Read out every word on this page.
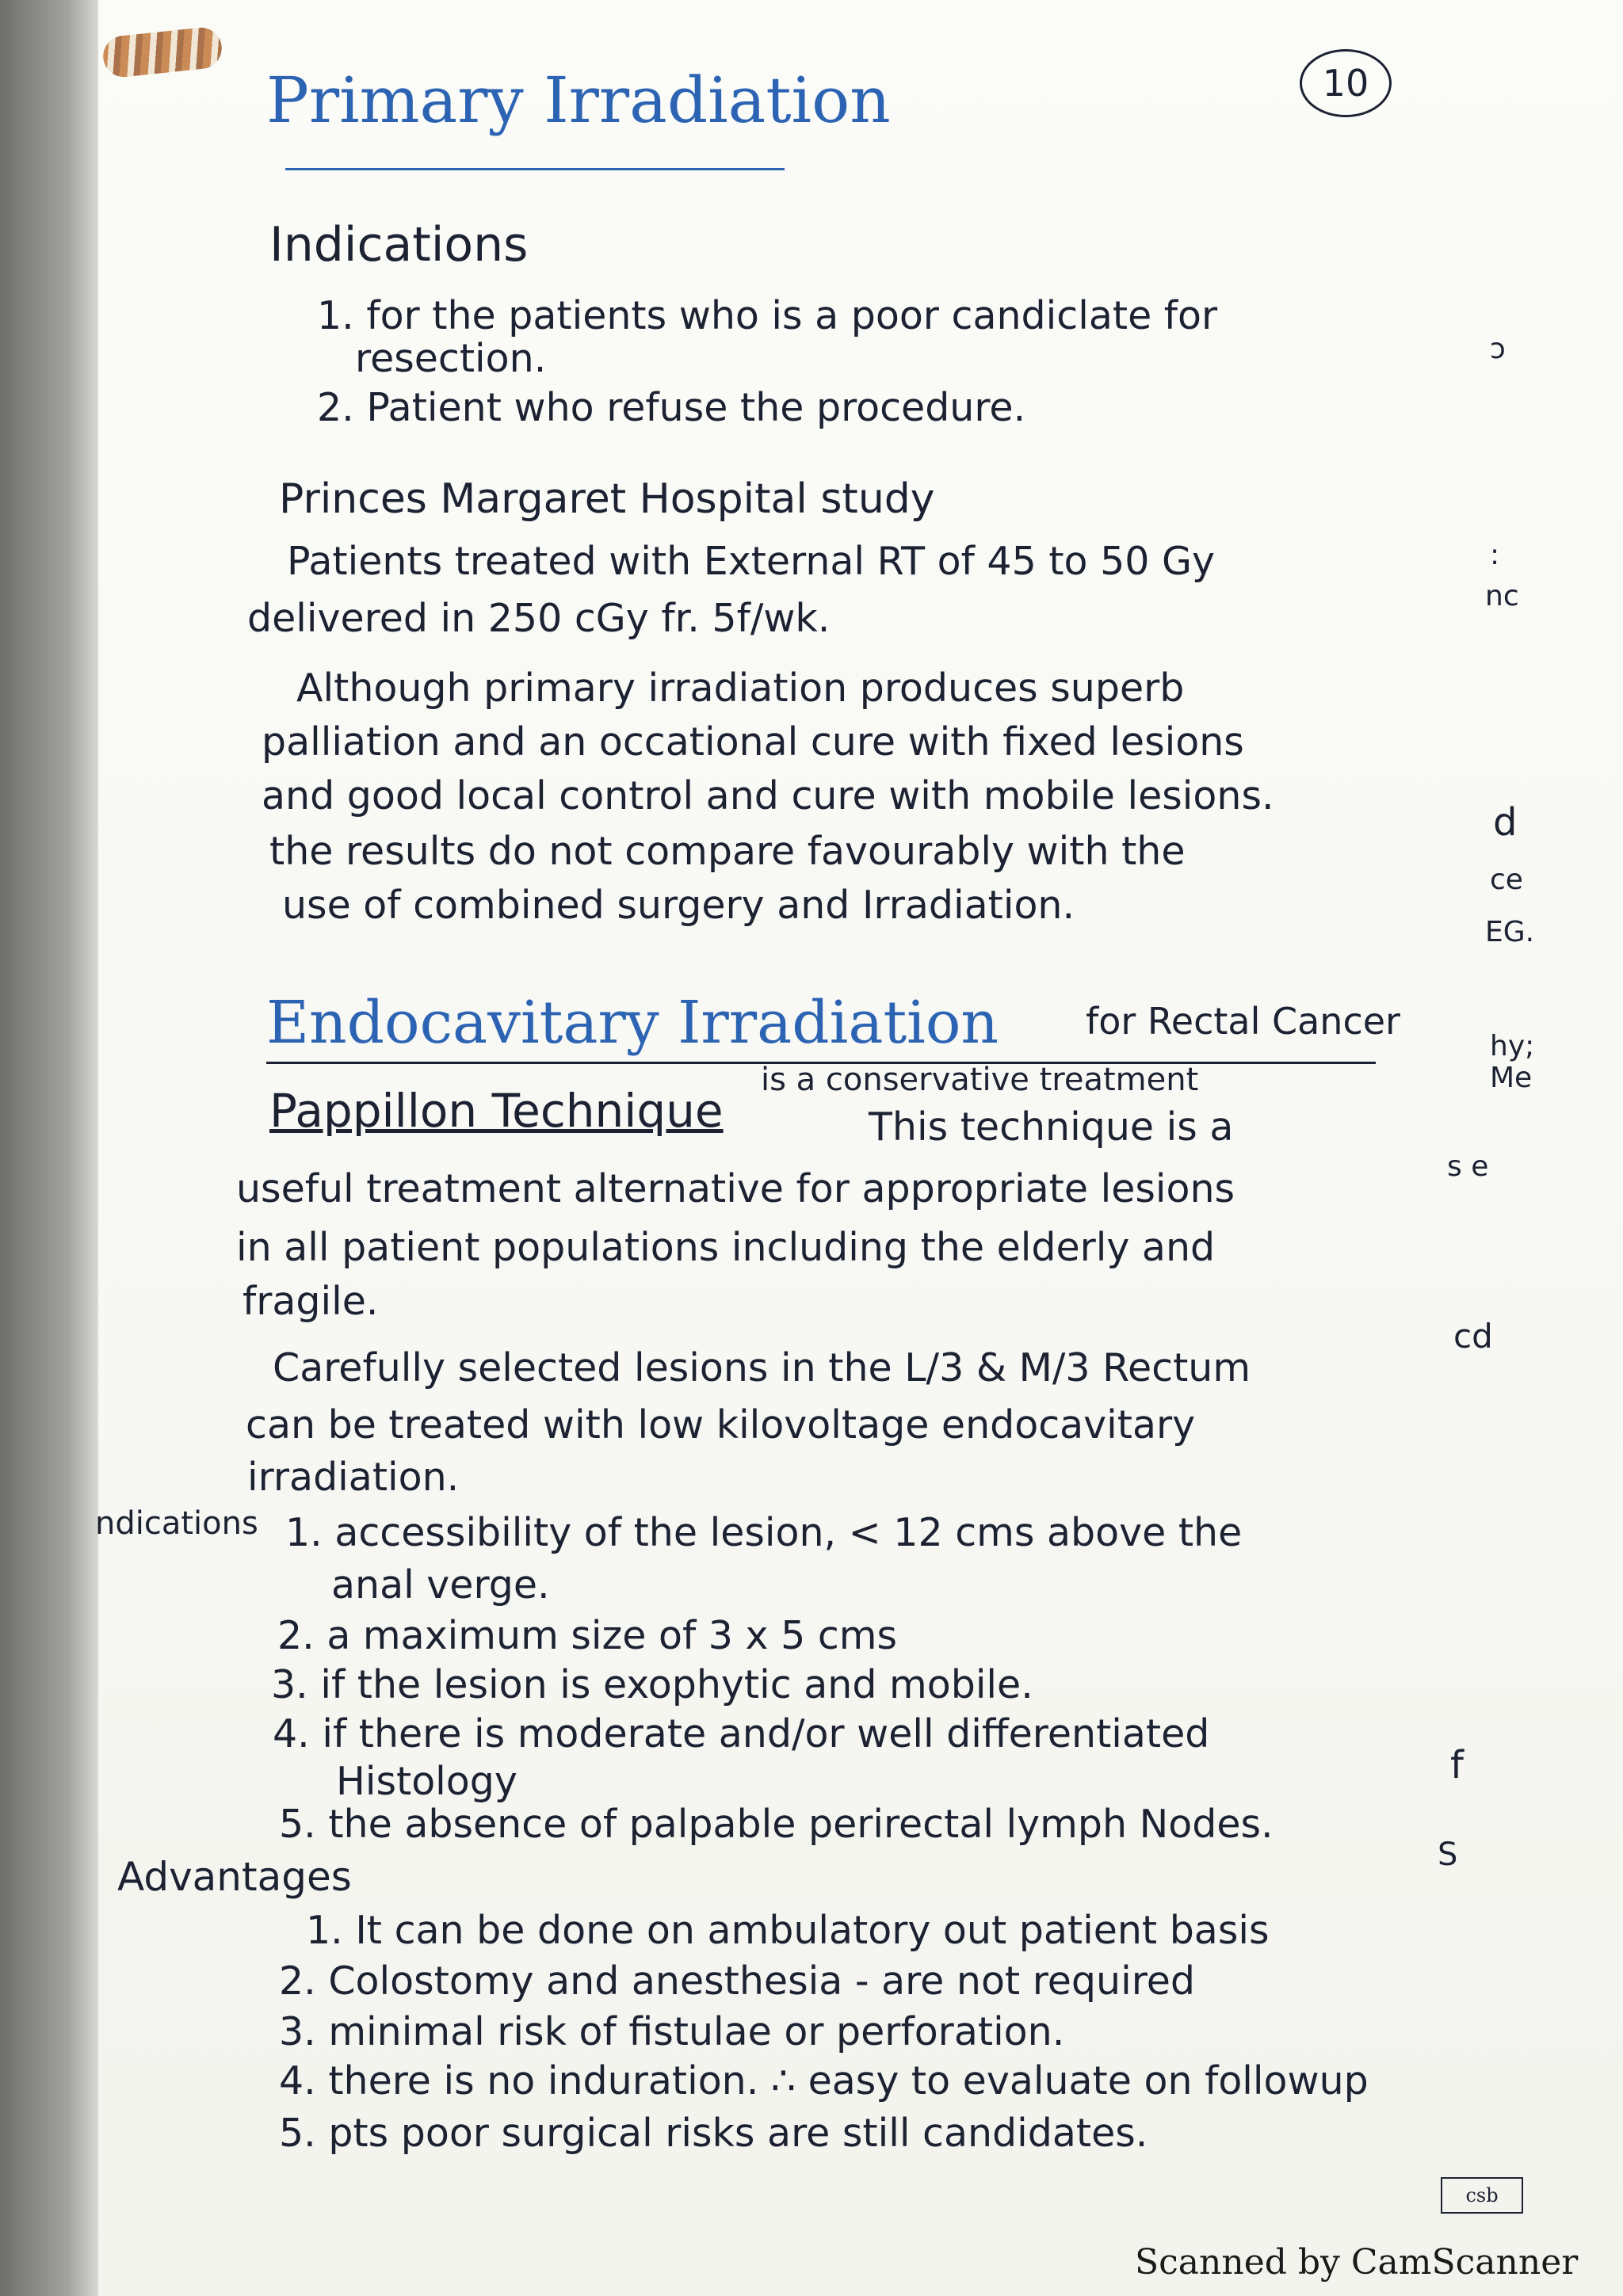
10
Primary Irradiation
Indications
1. for the patients who is a poor candiclate for
resection.
2. Patient who refuse the procedure.
Princes Margaret Hospital study
Patients treated with External RT of 45 to 50 Gy
delivered in 250 cGy fr. 5f/wk.
Although primary irradiation produces superb
palliation and an occational cure with fixed lesions
and good local control and cure with mobile lesions.
the results do not compare favourably with the
use of combined surgery and Irradiation.
Endocavitary Irradiation for Rectal Cancer
is a conservative treatment
Pappillon Technique	This technique is a
useful treatment alternative for appropriate lesions
in all patient populations including the elderly and
fragile.
Carefully selected lesions in the L/3 & M/3 Rectum
can be treated with low kilovoltage endocavitary
irradiation.
ndications 1. accessibility of the lesion, < 12 cms above the
anal verge.
2. a maximum size of 3 x 5 cms
3. if the lesion is exophytic and mobile.
4. if there is moderate and/or well differentiated
Histology
5. the absence of palpable perirectal lymph Nodes.
Advantages
1. It can be done on ambulatory out patient basis
2. Colostomy and anesthesia - are not required
3. minimal risk of fistulae or perforation.
4. there is no induration. ∴ easy to evaluate on followup
5. pts poor surgical risks are still candidates.
ɔ
:
nc
d
ce
EG.
hy;
Me
s e
cd
f
S
csb
Scanned by CamScanner
